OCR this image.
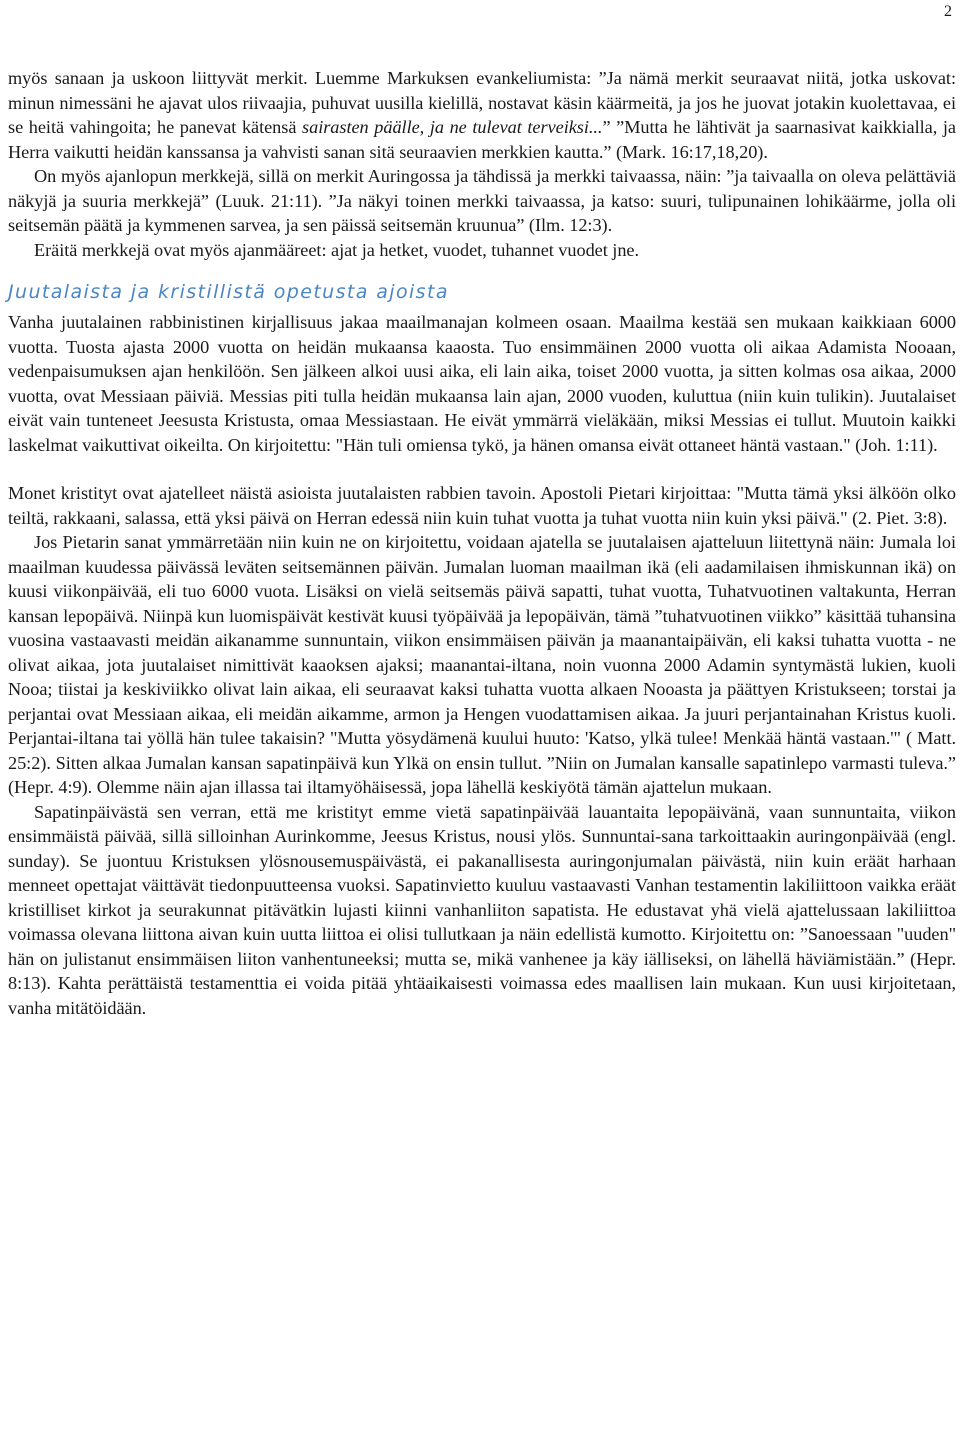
2

myös sanaan ja uskoon liittyvät merkit. Luemme Markuksen evankeliumista: ”Ja nämä merkit seuraavat niitä, jotka uskovat: minun nimessäni he ajavat ulos riivaajia, puhuvat uusilla kielillä, nostavat käsin käärmeitä, ja jos he juovat jotakin kuolettavaa, ei se heitä vahingoita; he panevat kätensä sairasten päälle, ja ne tulevat terveiksi...” ”Mutta he lähtivät ja saarnasivat kaikkialla, ja Herra vaikutti heidän kanssansa ja vahvisti sanan sitä seuraavien merkkien kautta.” (Mark. 16:17,18,20).

On myös ajanlopun merkkejä, sillä on merkit Auringossa ja tähdissä ja merkki taivaassa, näin: ”ja taivaalla on oleva pelättäviä näkyjä ja suuria merkkejä” (Luuk. 21:11). ”Ja näkyi toinen merkki taivaassa, ja katso: suuri, tulipunainen lohikäärme, jolla oli seitsemän päätä ja kymmenen sarvea, ja sen päissä seitsemän kruunua” (Ilm. 12:3).

Eräitä merkkejä ovat myös ajanmääreet: ajat ja hetket, vuodet, tuhannet vuodet jne.

Juutalaista ja kristillistä opetusta ajoista

Vanha juutalainen rabbinistinen kirjallisuus jakaa maailmanajan kolmeen osaan. Maailma kestää sen mukaan kaikkiaan 6000 vuotta. Tuosta ajasta 2000 vuotta on heidän mukaansa kaaosta. Tuo ensimmäinen 2000 vuotta oli aikaa Adamista Nooaan, vedenpaisumuksen ajan henkilöön. Sen jälkeen alkoi uusi aika, eli lain aika, toiset 2000 vuotta, ja sitten kolmas osa aikaa, 2000 vuotta, ovat Messiaan päiviä. Messias piti tulla heidän mukaansa lain ajan, 2000 vuoden, kuluttua (niin kuin tulikin). Juutalaiset eivät vain tunteneet Jeesusta Kristusta, omaa Messiastaan. He eivät ymmärrä vieläkään, miksi Messias ei tullut. Muutoin kaikki laskelmat vaikuttivat oikeilta. On kirjoitettu: "Hän tuli omiensa tykö, ja hänen omansa eivät ottaneet häntä vastaan." (Joh. 1:11).

Monet kristityt ovat ajatelleet näistä asioista juutalaisten rabbien tavoin. Apostoli Pietari kirjoittaa: "Mutta tämä yksi älköön olko teiltä, rakkaani, salassa, että yksi päivä on Herran edessä niin kuin tuhat vuotta ja tuhat vuotta niin kuin yksi päivä." (2. Piet. 3:8).

Jos Pietarin sanat ymmärretään niin kuin ne on kirjoitettu, voidaan ajatella se juutalaisen ajatteluun liitettynä näin: Jumala loi maailman kuudessa päivässä leväten seitsemännen päivän. Jumalan luoman maailman ikä (eli aadamilaisen ihmiskunnan ikä) on kuusi viikonpäivää, eli tuo 6000 vuota. Lisäksi on vielä seitsemäs päivä sapatti, tuhat vuotta, Tuhatvuotinen valtakunta, Herran kansan lepopäivä. Niinpä kun luomispäivät kestivät kuusi työpäivää ja lepopäivän, tämä ”tuhatvuotinen viikko” käsittää tuhansina vuosina vastaavasti meidän aikanamme sunnuntain, viikon ensimmäisen päivän ja maanantaipäivän, eli kaksi tuhatta vuotta - ne olivat aikaa, jota juutalaiset nimittivät kaaoksen ajaksi; maanantai-iltana, noin vuonna 2000 Adamin syntymästä lukien, kuoli Nooa; tiistai ja keskiviikko olivat lain aikaa, eli seuraavat kaksi tuhatta vuotta alkaen Nooasta ja päättyen Kristukseen; torstai ja perjantai ovat Messiaan aikaa, eli meidän aikamme, armon ja Hengen vuodattamisen aikaa. Ja juuri perjantainahan Kristus kuoli. Perjantai-iltana tai yöllä hän tulee takaisin? "Mutta yösydämenä kuului huuto: 'Katso, ylkä tulee! Menkää häntä vastaan.'" ( Matt. 25:2). Sitten alkaa Jumalan kansan sapatinpäivä kun Ylkä on ensin tullut. ”Niin on Jumalan kansalle sapatinlepo varmasti tuleva.” (Hepr. 4:9). Olemme näin ajan illassa tai iltamyöhäisessä, jopa lähellä keskiyötä tämän ajattelun mukaan.

Sapatinpäivästä sen verran, että me kristityt emme vietä sapatinpäivää lauantaita lepopäivänä, vaan sunnuntaita, viikon ensimmäistä päivää, sillä silloinhan Aurinkomme, Jeesus Kristus, nousi ylös. Sunnuntai-sana tarkoittaakin auringonpäivää (engl. sunday). Se juontuu Kristuksen ylösnousemuspäivästä, ei pakanallisesta auringonjumalan päivästä, niin kuin eräät harhaan menneet opettajat väittävät tiedonpuutteensa vuoksi. Sapatinvietto kuuluu vastaavasti Vanhan testamentin lakiliittoon vaikka eräät kristilliset kirkot ja seurakunnat pitävätkin lujasti kiinni vanhanliiton sapatista. He edustavat yhä vielä ajattelussaan lakiliittoa voimassa olevana liittona aivan kuin uutta liittoa ei olisi tullutkaan ja näin edellistä kumotto. Kirjoitettu on: ”Sanoessaan "uuden" hän on julistanut ensimmäisen liiton vanhentuneeksi; mutta se, mikä vanhenee ja käy iälliseksi, on lähellä häviämistään.” (Hepr. 8:13). Kahta perättäistä testamenttia ei voida pitää yhtäaikaisesti voimassa edes maallisen lain mukaan. Kun uusi kirjoitetaan, vanha mitätöidään.
